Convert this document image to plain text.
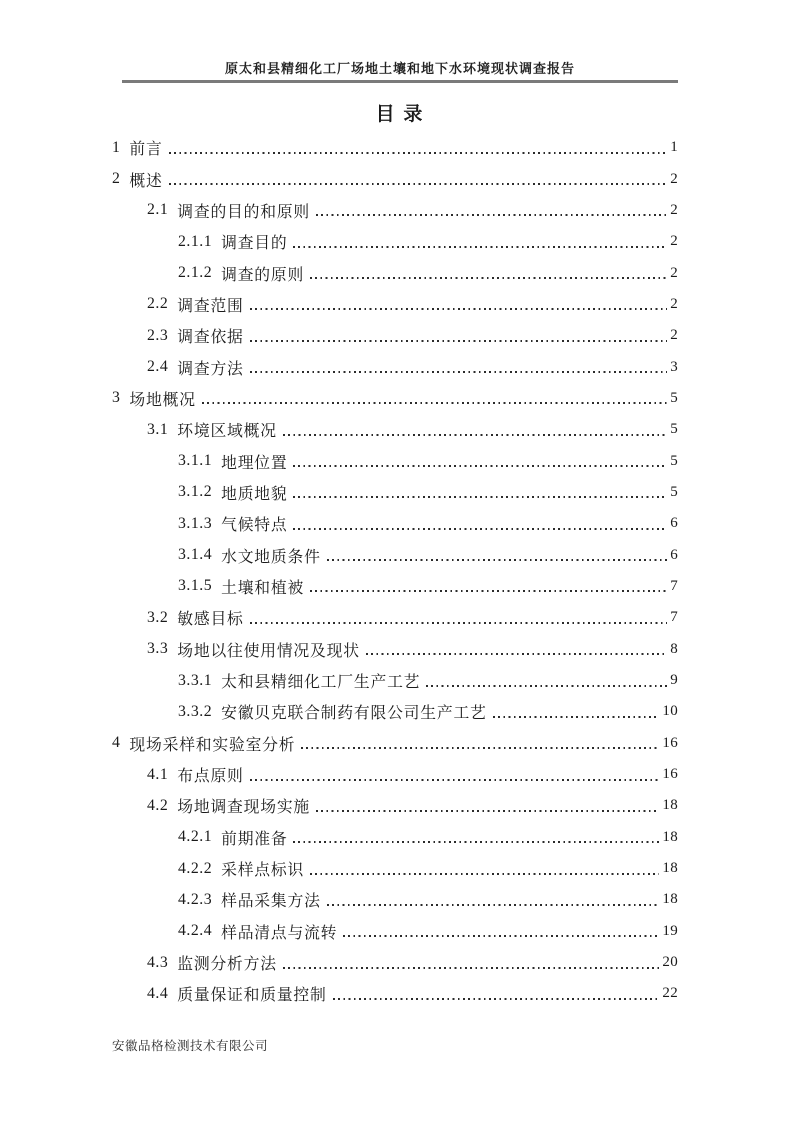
原太和县精细化工厂场地土壤和地下水环境现状调查报告
目 录
1 前言	1
2 概述	2
2.1 调查的目的和原则	2
2.1.1 调查目的	2
2.1.2 调查的原则	2
2.2 调查范围	2
2.3 调查依据	2
2.4 调查方法	3
3 场地概况	5
3.1 环境区域概况	5
3.1.1 地理位置	5
3.1.2 地质地貌	5
3.1.3 气候特点	6
3.1.4 水文地质条件	6
3.1.5 土壤和植被	7
3.2 敏感目标	7
3.3 场地以往使用情况及现状	8
3.3.1 太和县精细化工厂生产工艺	9
3.3.2 安徽贝克联合制药有限公司生产工艺	10
4 现场采样和实验室分析	16
4.1 布点原则	16
4.2 场地调查现场实施	18
4.2.1 前期准备	18
4.2.2 采样点标识	18
4.2.3 样品采集方法	18
4.2.4 样品清点与流转	19
4.3 监测分析方法	20
4.4 质量保证和质量控制	22
安徽品格检测技术有限公司
